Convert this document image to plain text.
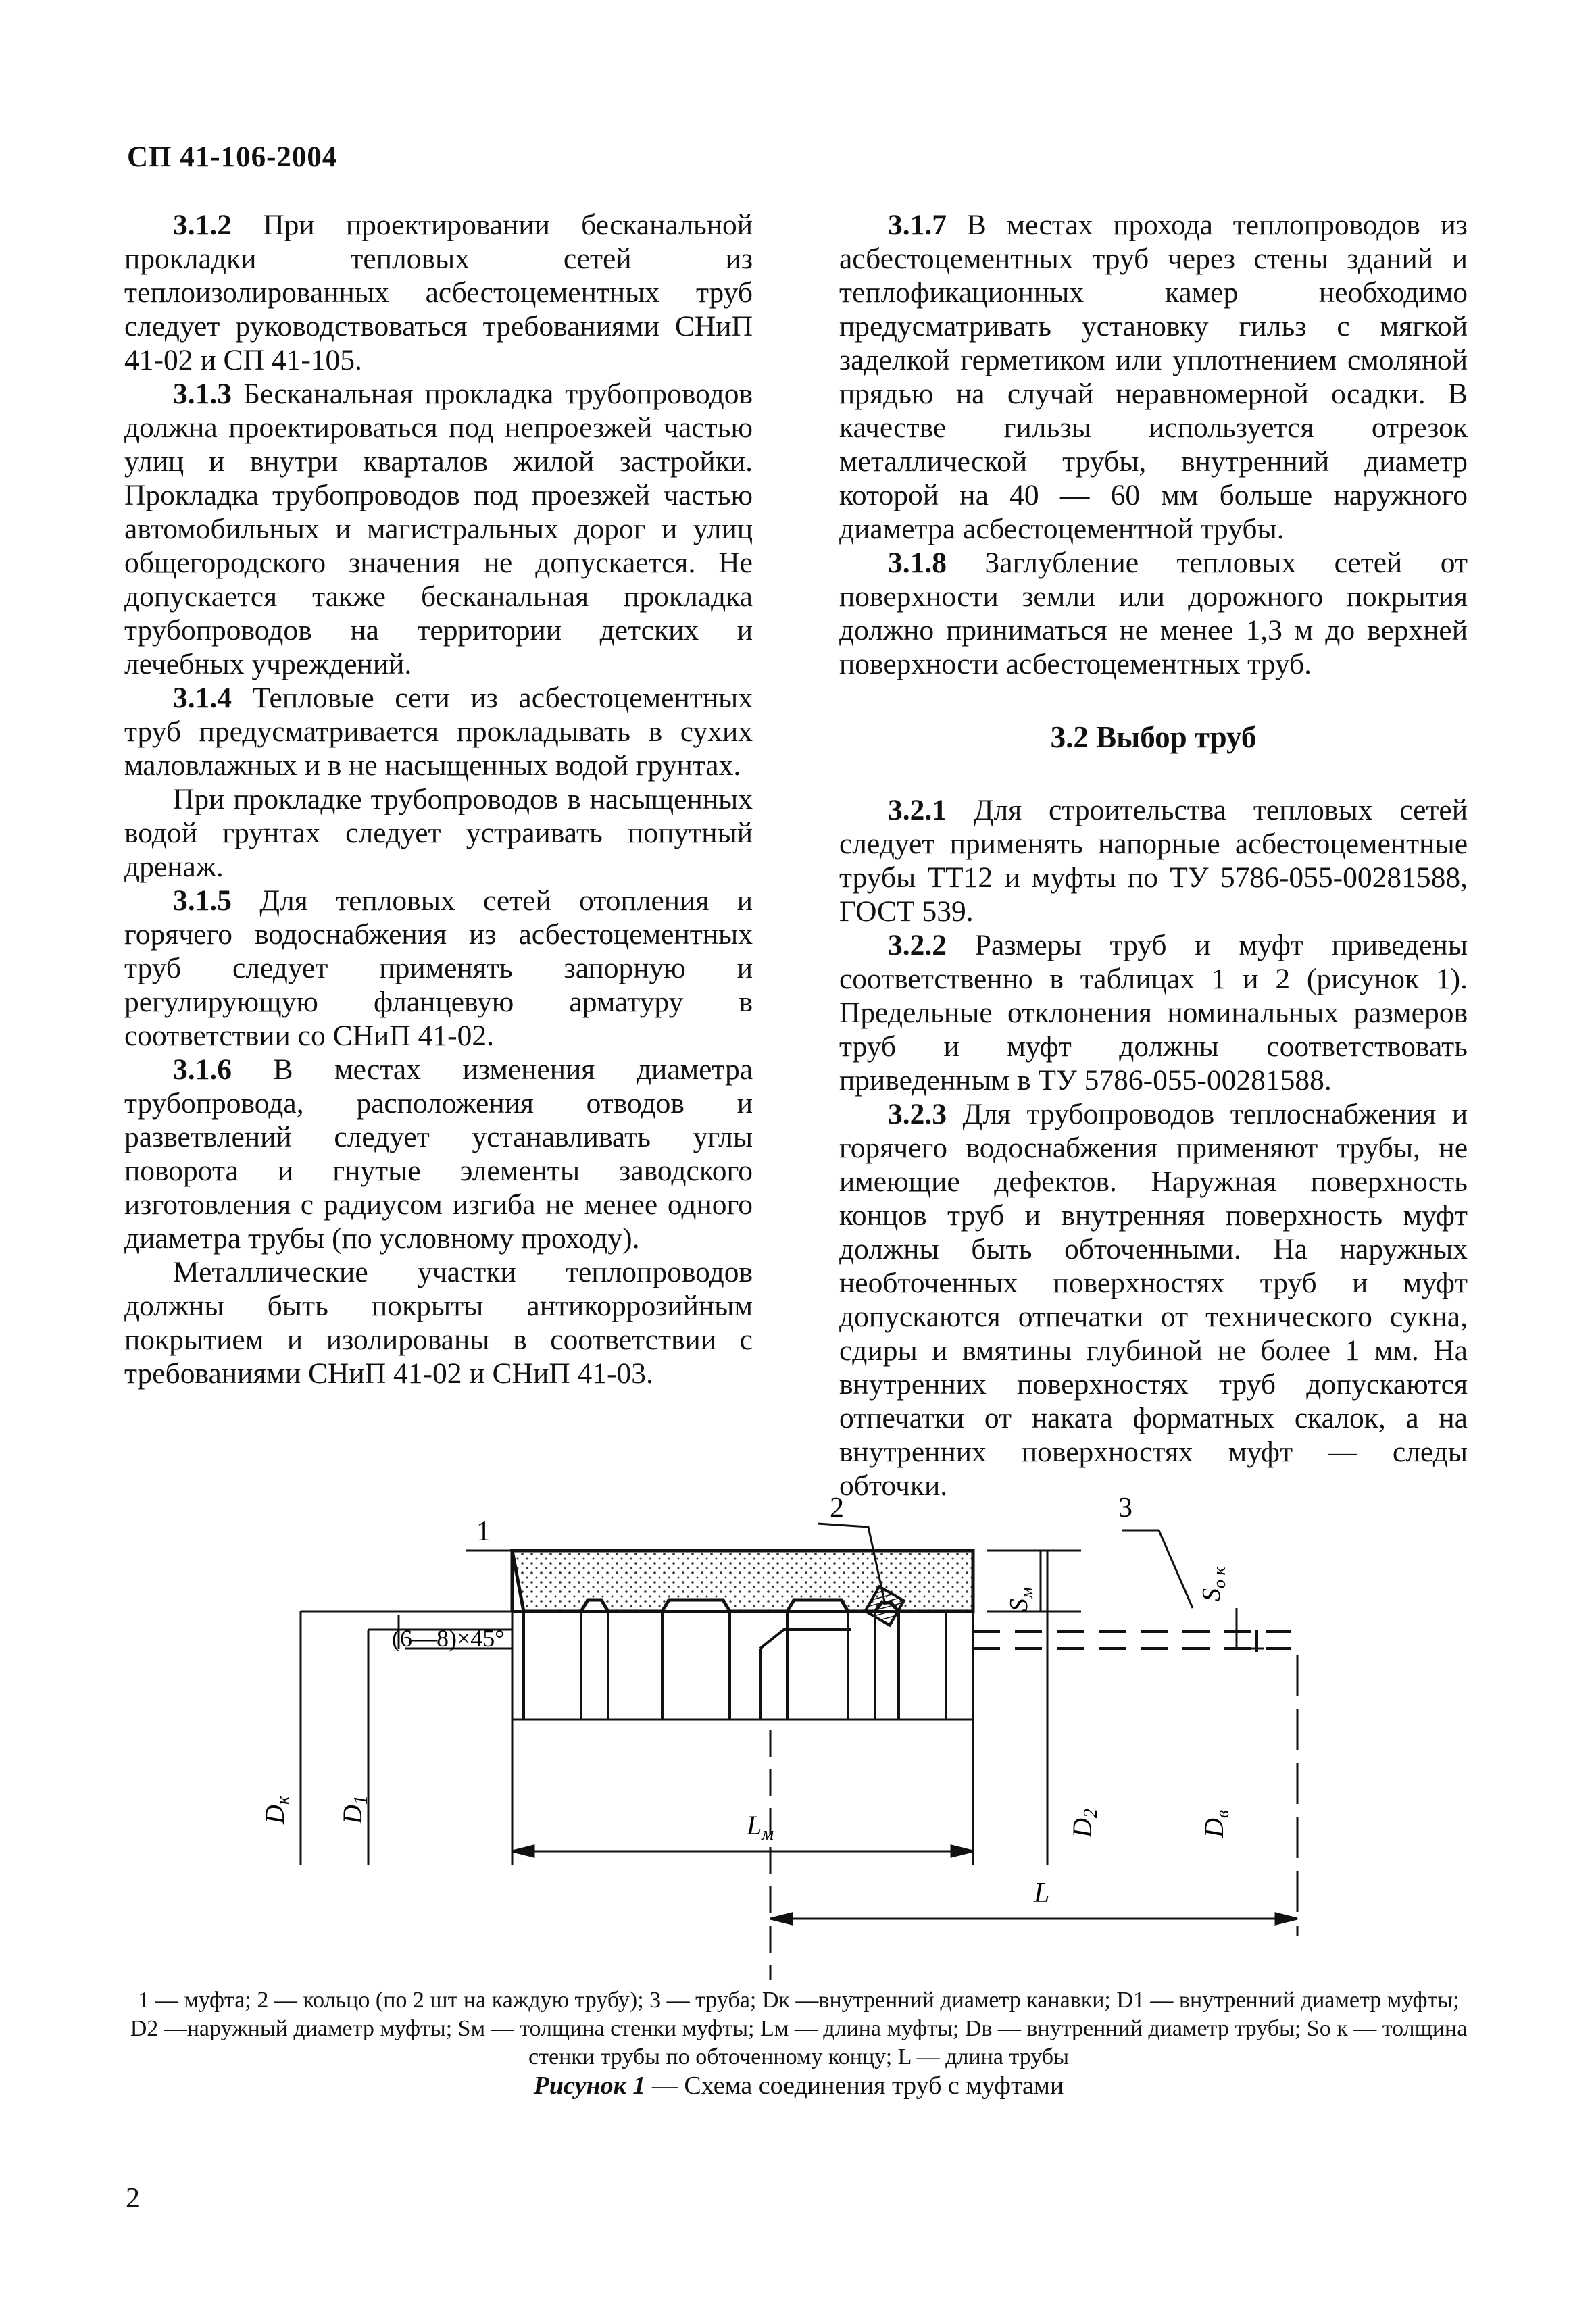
СП 41-106-2004

3.1.2 При проектировании бесканальной прокладки тепловых сетей из теплоизолированных асбестоцементных труб следует руководствоваться требованиями СНиП 41-02 и СП 41-105.

3.1.3 Бесканальная прокладка трубопроводов должна проектироваться под непроезжей частью улиц и внутри кварталов жилой застройки. Прокладка трубопроводов под проезжей частью автомобильных и магистральных дорог и улиц общегородского значения не допускается. Не допускается также бесканальная прокладка трубопроводов на территории детских и лечебных учреждений.

3.1.4 Тепловые сети из асбестоцементных труб предусматривается прокладывать в сухих маловлажных и в не насыщенных водой грунтах.

При прокладке трубопроводов в насыщенных водой грунтах следует устраивать попутный дренаж.

3.1.5 Для тепловых сетей отопления и горячего водоснабжения из асбестоцементных труб следует применять запорную и регулирующую фланцевую арматуру в соответствии со СНиП 41-02.

3.1.6 В местах изменения диаметра трубопровода, расположения отводов и разветвлений следует устанавливать углы поворота и гнутые элементы заводского изготовления с радиусом изгиба не менее одного диаметра трубы (по условному проходу).

Металлические участки теплопроводов должны быть покрыты антикоррозийным покрытием и изолированы в соответствии с требованиями СНиП 41-02 и СНиП 41-03.

3.1.7 В местах прохода теплопроводов из асбестоцементных труб через стены зданий и теплофикационных камер необходимо предусматривать установку гильз с мягкой заделкой герметиком или уплотнением смоляной прядью на случай неравномерной осадки. В качестве гильзы используется отрезок металлической трубы, внутренний диаметр которой на 40 — 60 мм больше наружного диаметра асбестоцементной трубы.

3.1.8 Заглубление тепловых сетей от поверхности земли или дорожного покрытия должно приниматься не менее 1,3 м до верхней поверхности асбестоцементных труб.

3.2 Выбор труб

3.2.1 Для строительства тепловых сетей следует применять напорные асбестоцементные трубы ТТ12 и муфты по ТУ 5786-055-00281588, ГОСТ 539.

3.2.2 Размеры труб и муфт приведены соответственно в таблицах 1 и 2 (рисунок 1). Предельные отклонения номинальных размеров труб и муфт должны соответствовать приведенным в ТУ 5786-055-00281588.

3.2.3 Для трубопроводов теплоснабжения и горячего водоснабжения применяют трубы, не имеющие дефектов. Наружная поверхность концов труб и внутренняя поверхность муфт должны быть обточенными. На наружных необточенных поверхностях труб и муфт допускаются отпечатки от технического сукна, сдиры и вмятины глубиной не более 1 мм. На внутренних поверхностях труб допускаются отпечатки от наката форматных скалок, а на внутренних поверхностях муфт — следы обточки.

1
2	3
(6—8)×45°
$D_к$
$D_1$
$L_м$
$S_м$
$D_2$
$D_в$
$S_{о к}$
L
1 — муфта; 2 — кольцо (по 2 шт на каждую трубу); 3 — труба; Dк —внутренний диаметр канавки; D1 — внутренний диаметр муфты; D2 —наружный диаметр муфты; Sм — толщина стенки муфты; Lм — длина муфты; Dв — внутренний диаметр трубы; Sо к — толщина стенки трубы по обточенному концу; L — длина трубы
Рисунок 1 — Схема соединения труб с муфтами
2
